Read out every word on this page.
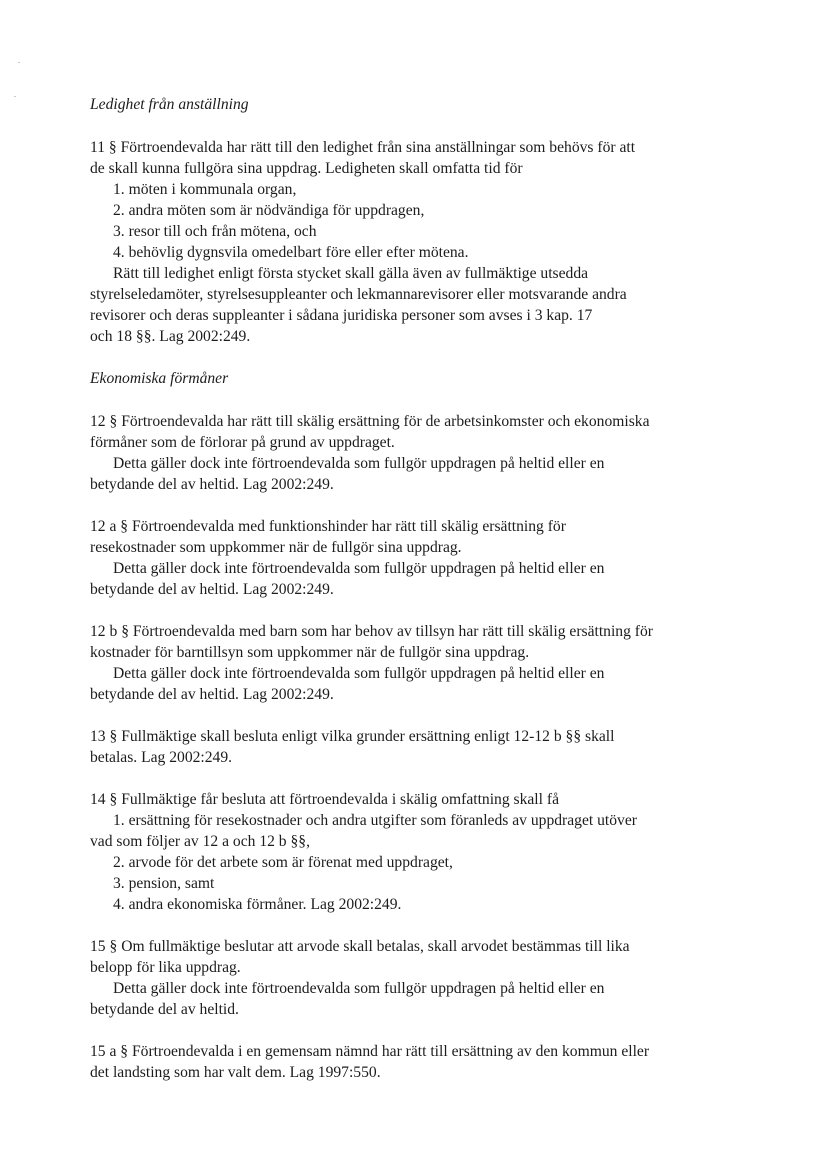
Ledighet från anställning

11 § Förtroendevalda har rätt till den ledighet från sina anställningar som behövs för att
de skall kunna fullgöra sina uppdrag. Ledigheten skall omfatta tid för
1. möten i kommunala organ,
2. andra möten som är nödvändiga för uppdragen,
3. resor till och från mötena, och
4. behövlig dygnsvila omedelbart före eller efter mötena.
Rätt till ledighet enligt första stycket skall gälla även av fullmäktige utsedda
styrelseledamöter, styrelsesuppleanter och lekmannarevisorer eller motsvarande andra
revisorer och deras suppleanter i sådana juridiska personer som avses i 3 kap. 17
och 18 §§. Lag 2002:249.

Ekonomiska förmåner

12 § Förtroendevalda har rätt till skälig ersättning för de arbetsinkomster och ekonomiska
förmåner som de förlorar på grund av uppdraget.
Detta gäller dock inte förtroendevalda som fullgör uppdragen på heltid eller en
betydande del av heltid. Lag 2002:249.
12 a § Förtroendevalda med funktionshinder har rätt till skälig ersättning för
resekostnader som uppkommer när de fullgör sina uppdrag.
Detta gäller dock inte förtroendevalda som fullgör uppdragen på heltid eller en
betydande del av heltid. Lag 2002:249.
12 b § Förtroendevalda med barn som har behov av tillsyn har rätt till skälig ersättning för
kostnader för barntillsyn som uppkommer när de fullgör sina uppdrag.
Detta gäller dock inte förtroendevalda som fullgör uppdragen på heltid eller en
betydande del av heltid. Lag 2002:249.
13 § Fullmäktige skall besluta enligt vilka grunder ersättning enligt 12-12 b §§ skall
betalas. Lag 2002:249.
14 § Fullmäktige får besluta att förtroendevalda i skälig omfattning skall få
1. ersättning för resekostnader och andra utgifter som föranleds av uppdraget utöver
vad som följer av 12 a och 12 b §§,
2. arvode för det arbete som är förenat med uppdraget,
3. pension, samt
4. andra ekonomiska förmåner. Lag 2002:249.
15 § Om fullmäktige beslutar att arvode skall betalas, skall arvodet bestämmas till lika
belopp för lika uppdrag.
Detta gäller dock inte förtroendevalda som fullgör uppdragen på heltid eller en
betydande del av heltid.
15 a § Förtroendevalda i en gemensam nämnd har rätt till ersättning av den kommun eller
det landsting som har valt dem. Lag 1997:550.
